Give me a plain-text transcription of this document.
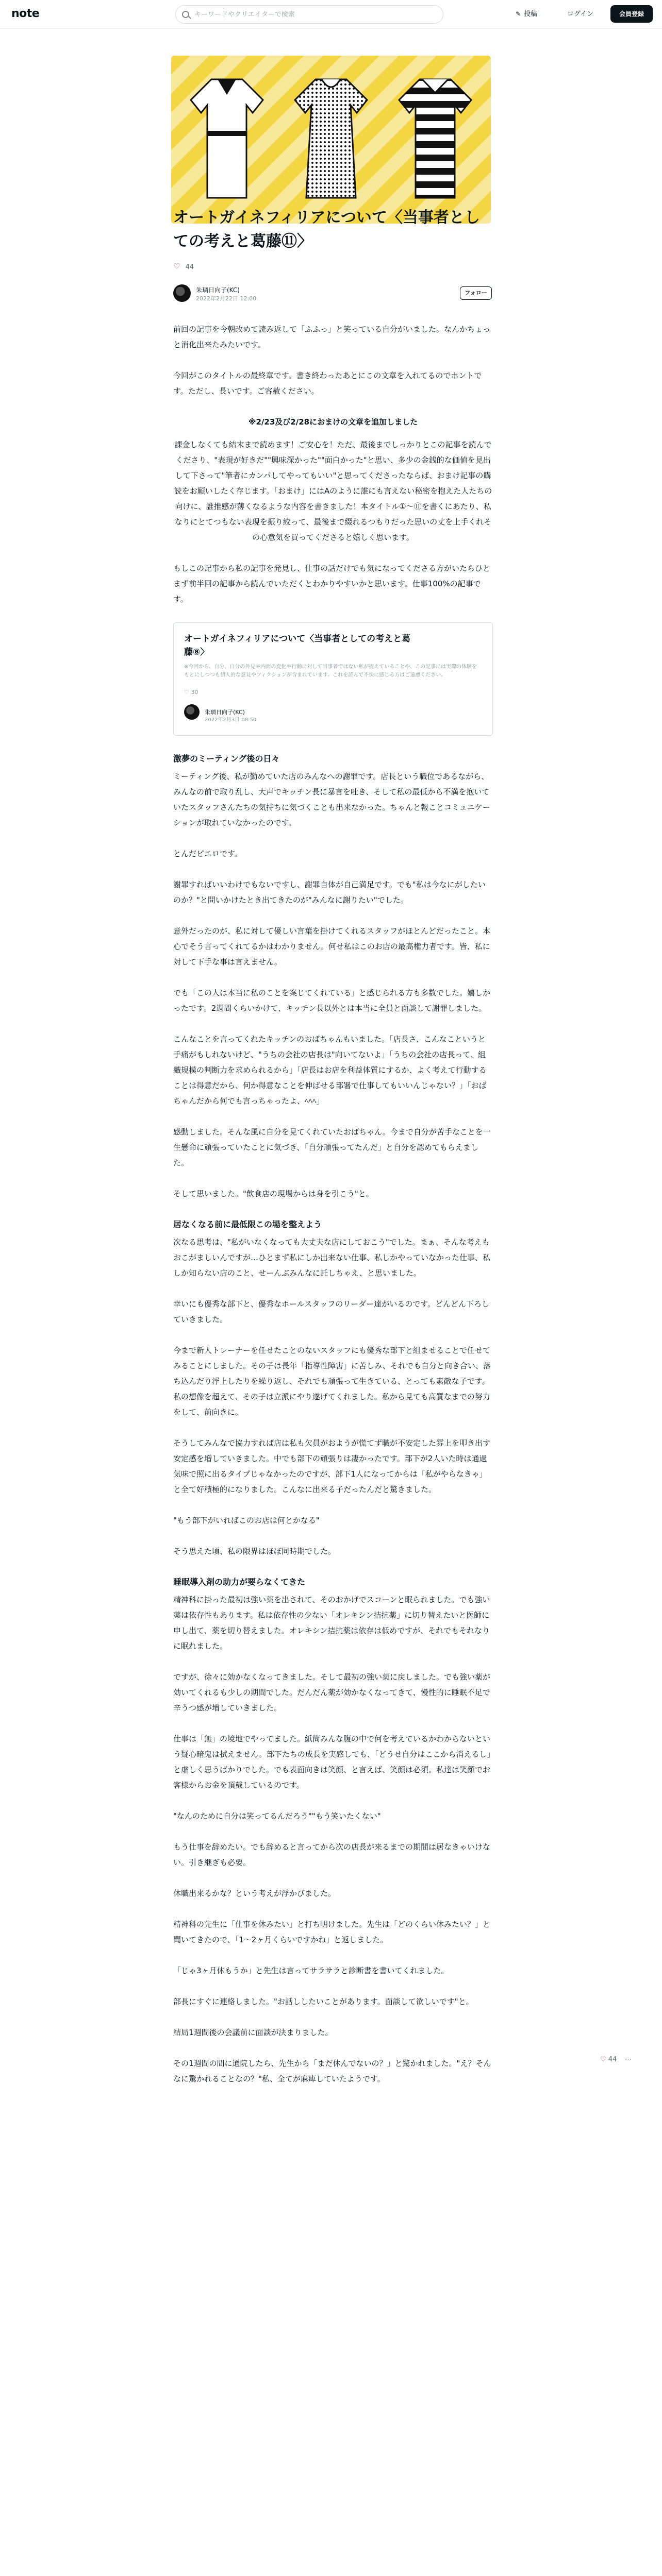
note
キーワードやクリエイターで検索	✎ 投稿	ログイン	会員登録
オートガイネフィリアについて〈当事者としての考えと葛藤⑪〉
♡ 44
朱璃日向子(KC)
2022年2月22日 12:00
フォロー

前回の記事を今朝改めて読み返して「ふふっ」と笑っている自分がいました。なんかちょっと消化出来たみたいです。

今回がこのタイトルの最終章です。書き終わったあとにこの文章を入れてるのでホントです。ただし、長いです。ご容赦ください。

※2/23及び2/28におまけの文章を追加しました

課金しなくても結末まで読めます！ご安心を！ただ、最後までしっかりとこの記事を読んでくださり、"表現が好きだ""興味深かった""面白かった"と思い、多少の金銭的な価値を見出して下さって"筆者にカンパしてやってもいい"と思ってくださったならば、おまけ記事の購読をお願いしたく存じます。「おまけ」にはAのように誰にも言えない秘密を抱えた人たちの向けに、誰推感が薄くなるような内容を書きました！本タイトル①〜⑪を書くにあたり、私なりにとてつもない表現を振り絞って、最後まで綴れるつもりだった思いの丈を上手くれその心意気を買ってくださると嬉しく思います。

もしこの記事から私の記事を発見し、仕事の話だけでも気になってくださる方がいたらひとまず前半回の記事から読んでいただくとわかりやすいかと思います。仕事100%の記事です。

オートガイネフィリアについて〈当事者としての考えと葛藤⑧〉
※今回から、自分、自分の外見や内面の変化や行動に対して当事者ではない私が捉えていることや、この記事には実際の体験をもとにしつつも個人的な意見やフィクションが含まれています。これを読んで不快に感じる方はご遠慮ください。
♡ 30
朱璃日向子(KC)
2022年2月3日 08:50
激夢のミーティング後の日々

ミーティング後、私が勤めていた店のみんなへの謝罪です。店長という職位であるながら、みんなの前で取り乱し、大声でキッチン長に暴言を吐き、そして私の最低から不満を抱いていたスタッフさんたちの気持ちに気づくことも出来なかった。ちゃんと報ことコミュニケーションが取れていなかったのです。

とんだピエロです。

謝罪すればいいわけでもないですし、謝罪自体が自己満足です。でも"私は今なにがしたいのか？"と問いかけたとき出てきたのが"みんなに謝りたい"でした。

意外だったのが、私に対して優しい言葉を掛けてくれるスタッフがほとんどだったこと。本心でそう言ってくれてるかはわかりません。何せ私はこのお店の最高権力者です。皆、私に対して下手な事は言えません。

でも「この人は本当に私のことを案じてくれている」と感じられる方も多数でした。嬉しかったです。2週間くらいかけて、キッチン長以外とは本当に全員と面談して謝罪しました。

こんなことを言ってくれたキッチンのおばちゃんもいました。「店長さ、こんなこというと手痛がもしれないけど、"うちの会社の店長は"向いてないよ」「うちの会社の店長って、組織規模の判断力を求められるから」「店長はお店を利益体質にするか、よく考えて行動することは得意だから、何か得意なことを伸ばせる部署で仕事してもいいんじゃない？」「おばちゃんだから何でも言っちゃったよ、ﾍﾍﾍ」

感動しました。そんな風に自分を見てくれていたおばちゃん。今まで自分が苦手なことを一生懸命に頑張っていたことに気づき、「自分頑張ってたんだ」と自分を認めてもらえました。

そして思いました。"飲食店の現場からは身を引こう"と。

居なくなる前に最低限この場を整えよう

次なる思考は、"私がいなくなっても大丈夫な店にしておこう"でした。まぁ、そんな考えもおこがましいんですが…ひとまず私にしか出来ない仕事、私しかやっていなかった仕事、私しか知らない店のこと、せーんぶみんなに託しちゃえ、と思いました。

幸いにも優秀な部下と、優秀なホールスタッフのリーダー達がいるのです。どんどん下ろしていきました。

今まで新人トレーナーを任せたことのないスタッフにも優秀な部下と組ませることで任せてみることにしました。その子は長年「指導性障害」に苦しみ、それでも自分と向き合い、落ち込んだり浮上したりを繰り返し、それでも頑張って生きている、とっても素敵な子です。私の想像を超えて、その子は立派にやり遂げてくれました。私から見ても高質なまでの努力をして、前向きに。

そうしてみんなで協力すれば店は私も欠員がおようが慌てず職が不安定した雰上を叩き出す安定感を増していきました。中でも部下の頑張りは凄かったです。部下が2人いた時は通過気味で照に出るタイプじゃなかったのですが、部下1人になってからは「私がやらなきゃ」と全て好積極的になりました。こんなに出来る子だったんだと驚きました。

"もう部下がいればこのお店は何とかなる"

そう思えた頃、私の限界はほぼ同時期でした。

睡眠導入剤の助力が要らなくてきた

精神科に掛った最初は強い薬を出されて、そのおかげでスコーンと眠られました。でも強い薬は依存性もあります。私は依存性の少ない「オレキシン拮抗薬」に切り替えたいと医師に申し出て、薬を切り替えました。オレキシン拮抗薬は依存は低めですが、それでもそれなりに眠れました。

ですが、徐々に効かなくなってきました。そして最初の強い薬に戻しました。でも強い薬が効いてくれるも少しの期間でした。だんだん薬が効かなくなってきて、慢性的に睡眠不足で辛うつ感が増していきました。

仕事は「無」の境地でやってました。紙筒みんな腹の中で何を考えているかわからないという疑心暗鬼は拭えません。部下たちの成長を実感しても、「どうせ自分はここから消えるし」と虚しく思うばかりでした。でも表面向きは笑顔、と言えば、笑顔は必須。私達は笑顔でお客様からお金を頂戴しているのです。

"なんのために自分は笑ってるんだろう""もう笑いたくない"

もう仕事を辞めたい。でも辞めると言ってから次の店長が来るまでの期間は居なきゃいけない。引き継ぎも必要。

休職出来るかな？という考えが浮かびました。

精神科の先生に「仕事を休みたい」と打ち明けました。先生は「どのくらい休みたい？」と聞いてきたので、「1〜2ヶ月くらいですかね」と返しました。

「じゃ3ヶ月休もうか」と先生は言ってサラサラと診断書を書いてくれました。

部長にすぐに連絡しました。"お話ししたいことがあります。面談して欲しいです"と。

結局1週間後の会議前に面談が決まりました。

その1週間の間に通院したら、先生から「まだ休んでないの？」と驚かれました。"え？そんなに驚かれることなの？"私、全てが麻痺していたようです。

♡ 44 ⋯
